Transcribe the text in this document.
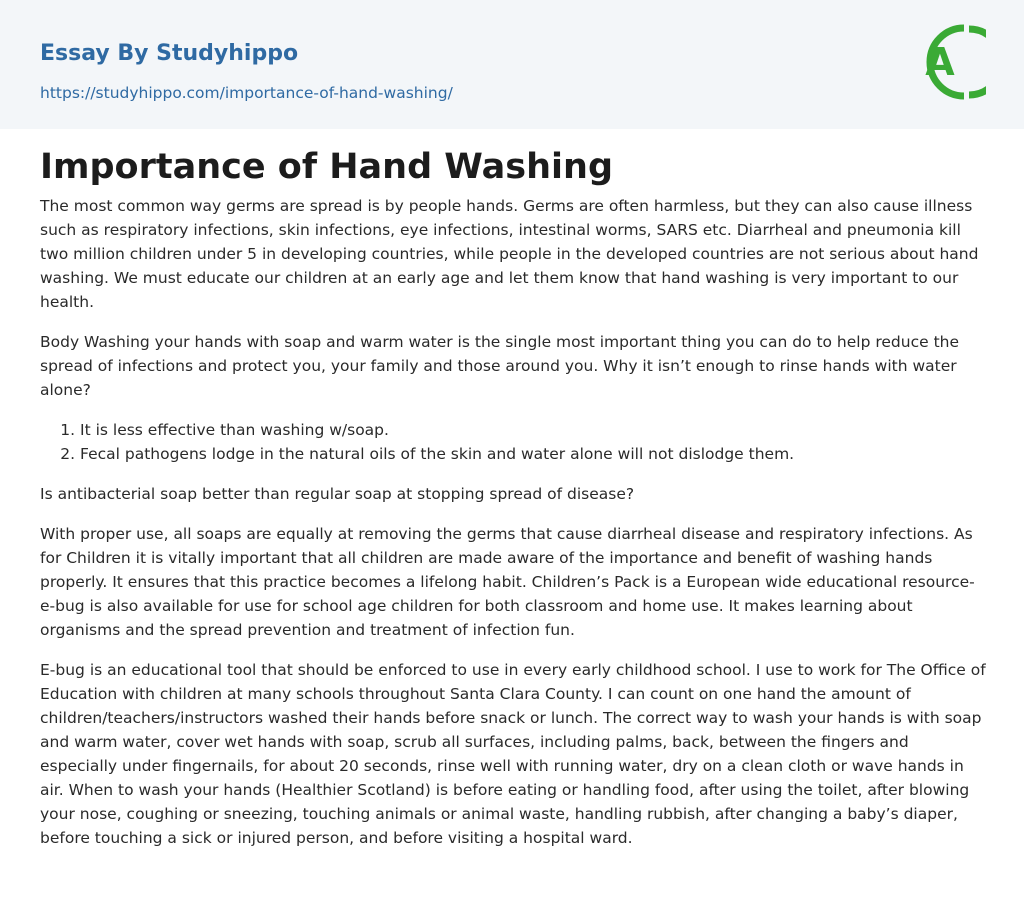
Essay By Studyhippo
https://studyhippo.com/importance-of-hand-washing/
A
Importance of Hand Washing

The most common way germs are spread is by people hands. Germs are often harmless, but they can also cause illness such as respiratory infections, skin infections, eye infections, intestinal worms, SARS etc. Diarrheal and pneumonia kill two million children under 5 in developing countries, while people in the developed countries are not serious about hand washing. We must educate our children at an early age and let them know that hand washing is very important to our health.

Body Washing your hands with soap and warm water is the single most important thing you can do to help reduce the spread of infections and protect you, your family and those around you. Why it isn’t enough to rinse hands with water alone?

1. It is less effective than washing w/soap.
2. Fecal pathogens lodge in the natural oils of the skin and water alone will not dislodge them.

Is antibacterial soap better than regular soap at stopping spread of disease?

With proper use, all soaps are equally at removing the germs that cause diarrheal disease and respiratory infections. As for Children it is vitally important that all children are made aware of the importance and benefit of washing hands properly. It ensures that this practice becomes a lifelong habit. Children’s Pack is a European wide educational resource-e-bug is also available for use for school age children for both classroom and home use. It makes learning about organisms and the spread prevention and treatment of infection fun.

E-bug is an educational tool that should be enforced to use in every early childhood school. I use to work for The Office of Education with children at many schools throughout Santa Clara County. I can count on one hand the amount of children/teachers/instructors washed their hands before snack or lunch. The correct way to wash your hands is with soap and warm water, cover wet hands with soap, scrub all surfaces, including palms, back, between the fingers and especially under fingernails, for about 20 seconds, rinse well with running water, dry on a clean cloth or wave hands in air. When to wash your hands (Healthier Scotland) is before eating or handling food, after using the toilet, after blowing your nose, coughing or sneezing, touching animals or animal waste, handling rubbish, after changing a baby’s diaper, before touching a sick or injured person, and before visiting a hospital ward.
